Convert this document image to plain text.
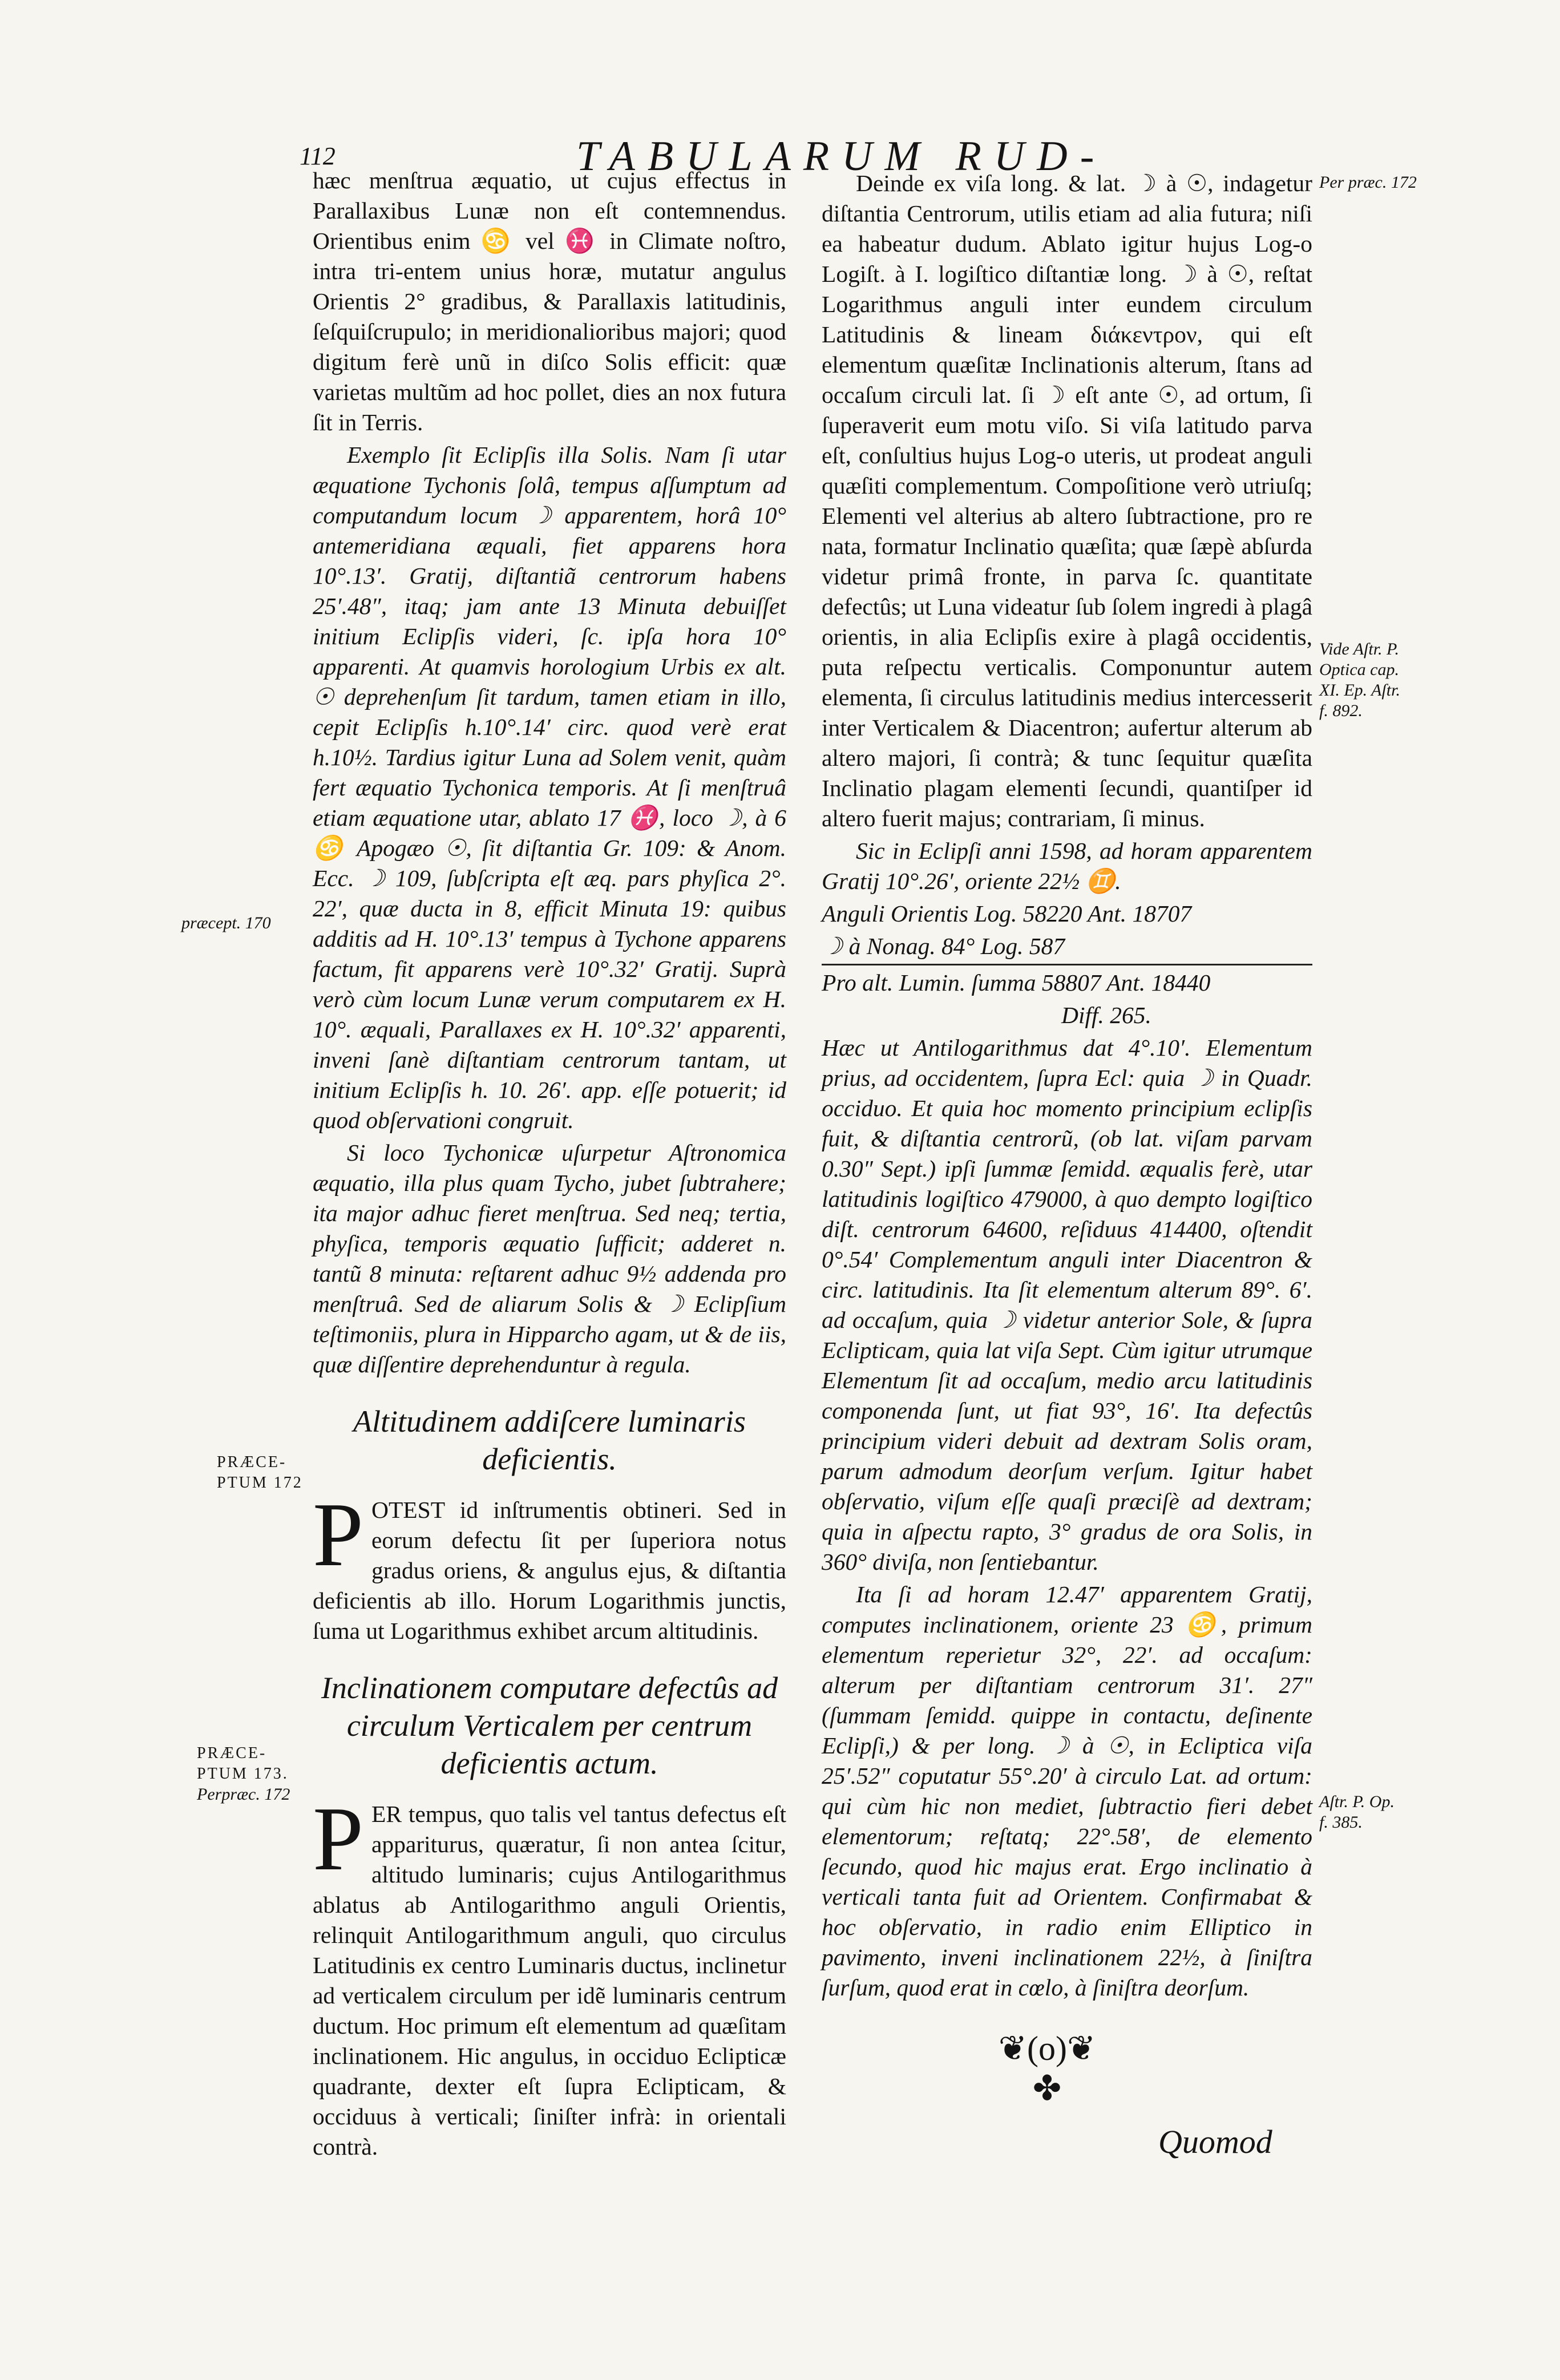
112	TABULARUM RUD-

hæc menſtrua æquatio, ut cujus effectus in Parallaxibus Lunæ non eſt contemnendus. Orientibus enim ♋ vel ♓ in Climate noſtro, intra tri-entem unius horæ, mutatur angulus Orientis 2° gradibus, & Parallaxis latitudinis, ſeſquiſcrupulo; in meridionalioribus majori; quod digitum ferè unũ in diſco Solis efficit: quæ varietas multũm ad hoc pollet, dies an nox futura ſit in Terris.

Exemplo ſit Eclipſis illa Solis. Nam ſi utar æquatione Tychonis ſolâ, tempus aſſumptum ad computandum locum ☽ apparentem, horâ 10° antemeridiana æquali, fiet apparens hora 10°.13′. Gratij, diſtantiã centrorum habens 25′.48″, itaq; jam ante 13 Minuta debuiſſet initium Eclipſis videri, ſc. ipſa hora 10° apparenti. At quamvis horologium Urbis ex alt. ☉ deprehenſum ſit tardum, tamen etiam in illo, cepit Eclipſis h.10°.14′ circ. quod verè erat h.10½. Tardius igitur Luna ad Solem venit, quàm fert æquatio Tychonica temporis. At ſi menſtruâ etiam æquatione utar, ablato 17 ♓, loco ☽, à 6 ♋ Apogæo ☉, ſit diſtantia Gr. 109: & Anom. Ecc. ☽ 109, ſubſcripta eſt æq. pars phyſica 2°. 22′, quæ ducta in 8, efficit Minuta 19: quibus additis ad H. 10°.13′ tempus à Tychone apparens factum, fit apparens verè 10°.32′ Gratij. Suprà verò cùm locum Lunæ verum computarem ex H. 10°. æquali, Parallaxes ex H. 10°.32′ apparenti, inveni ſanè diſtantiam centrorum tantam, ut initium Eclipſis h. 10. 26′. app. eſſe potuerit; id quod obſervationi congruit.

Si loco Tychonicæ uſurpetur Aſtronomica æquatio, illa plus quam Tycho, jubet ſubtrahere; ita major adhuc fieret menſtrua. Sed neq; tertia, phyſica, temporis æquatio ſufficit; adderet n. tantũ 8 minuta: reſtarent adhuc 9½ addenda pro menſtruâ. Sed de aliarum Solis & ☽ Eclipſium teſtimoniis, plura in Hipparcho agam, ut & de iis, quæ diſſentire deprehenduntur à regula.

Altitudinem addiſcere luminaris deficientis.

P OTEST id inſtrumentis obtineri. Sed in eorum defectu ſit per ſuperiora notus gradus oriens, & angulus ejus, & diſtantia deficientis ab illo. Horum Logarithmis junctis, ſuma ut Logarithmus exhibet arcum altitudinis.

Inclinationem computare defectûs ad circulum Verticalem per centrum deficientis actum.

P ER tempus, quo talis vel tantus defectus eſt appariturus, quæratur, ſi non antea ſcitur, altitudo luminaris; cujus Antilogarithmus ablatus ab Antilogarithmo anguli Orientis, relinquit Antilogarithmum anguli, quo circulus Latitudinis ex centro Luminaris ductus, inclinetur ad verticalem circulum per idẽ luminaris centrum ductum. Hoc primum eſt elementum ad quæſitam inclinationem. Hic angulus, in occiduo Eclipticæ quadrante, dexter eſt ſupra Eclipticam, & occiduus à verticali; ſiniſter infrà: in orientali contrà.

præcept. 170
PRÆCE-
PTUM 172
PRÆCE-
PTUM 173.
Perpræc. 172

Deinde ex viſa long. & lat. ☽ à ☉, indagetur diſtantia Centrorum, utilis etiam ad alia futura; niſi ea habeatur dudum. Ablato igitur hujus Log-o Logiſt. à I. logiſtico diſtantiæ long. ☽ à ☉, reſtat Logarithmus anguli inter eundem circulum Latitudinis & lineam διάκεντρον, qui eſt elementum quæſitæ Inclinationis alterum, ſtans ad occaſum circuli lat. ſi ☽ eſt ante ☉, ad ortum, ſi ſuperaverit eum motu viſo. Si viſa latitudo parva eſt, conſultius hujus Log-o uteris, ut prodeat anguli quæſiti complementum. Compoſitione verò utriuſq; Elementi vel alterius ab altero ſubtractione, pro re nata, formatur Inclinatio quæſita; quæ ſæpè abſurda videtur primâ fronte, in parva ſc. quantitate defectûs; ut Luna videatur ſub ſolem ingredi à plagâ orientis, in alia Eclipſis exire à plagâ occidentis, puta reſpectu verticalis. Componuntur autem elementa, ſi circulus latitudinis medius intercesserit inter Verticalem & Diacentron; aufertur alterum ab altero majori, ſi contrà; & tunc ſequitur quæſita Inclinatio plagam elementi ſecundi, quantiſper id altero fuerit majus; contrariam, ſi minus.

Sic in Eclipſi anni 1598, ad horam apparentem Gratij 10°.26′, oriente 22½ ♊.

Anguli Orientis Log. 58220 Ant. 18707

☽ à Nonag. 84° Log. 587

Pro alt. Lumin. ſumma 58807 Ant. 18440

Diff. 265.

Hæc ut Antilogarithmus dat 4°.10′. Elementum prius, ad occidentem, ſupra Ecl: quia ☽ in Quadr. occiduo. Et quia hoc momento principium eclipſis fuit, & diſtantia centrorũ, (ob lat. viſam parvam 0.30″ Sept.) ipſi ſummæ ſemidd. æqualis ferè, utar latitudinis logiſtico 479000, à quo dempto logiſtico diſt. centrorum 64600, reſiduus 414400, oſtendit 0°.54′ Complementum anguli inter Diacentron & circ. latitudinis. Ita ſit elementum alterum 89°. 6′. ad occaſum, quia ☽ videtur anterior Sole, & ſupra Eclipticam, quia lat viſa Sept. Cùm igitur utrumque Elementum ſit ad occaſum, medio arcu latitudinis componenda ſunt, ut fiat 93°, 16′. Ita defectûs principium videri debuit ad dextram Solis oram, parum admodum deorſum verſum. Igitur habet obſervatio, viſum eſſe quaſi præciſè ad dextram; quia in aſpectu rapto, 3° gradus de ora Solis, in 360° diviſa, non ſentiebantur.

Ita ſi ad horam 12.47′ apparentem Gratij, computes inclinationem, oriente 23 ♋, primum elementum reperietur 32°, 22′. ad occaſum: alterum per diſtantiam centrorum 31′. 27″ (ſummam ſemidd. quippe in contactu, deſinente Eclipſi,) & per long. ☽ à ☉, in Ecliptica viſa 25′.52″ coputatur 55°.20′ à circulo Lat. ad ortum: qui cùm hic non mediet, ſubtractio fieri debet elementorum; reſtatq; 22°.58′, de elemento ſecundo, quod hic majus erat. Ergo inclinatio à verticali tanta fuit ad Orientem. Confirmabat & hoc obſervatio, in radio enim Elliptico in pavimento, inveni inclinationem 22½, à ſiniſtra ſurſum, quod erat in cœlo, à ſiniſtra deorſum.

Per præc. 172
Vide Aſtr. P.
Optica cap.
XI. Ep. Aſtr.
f. 892.
Aſtr. P. Op.
f. 385.
❦(o)❦
✤
Quomod
